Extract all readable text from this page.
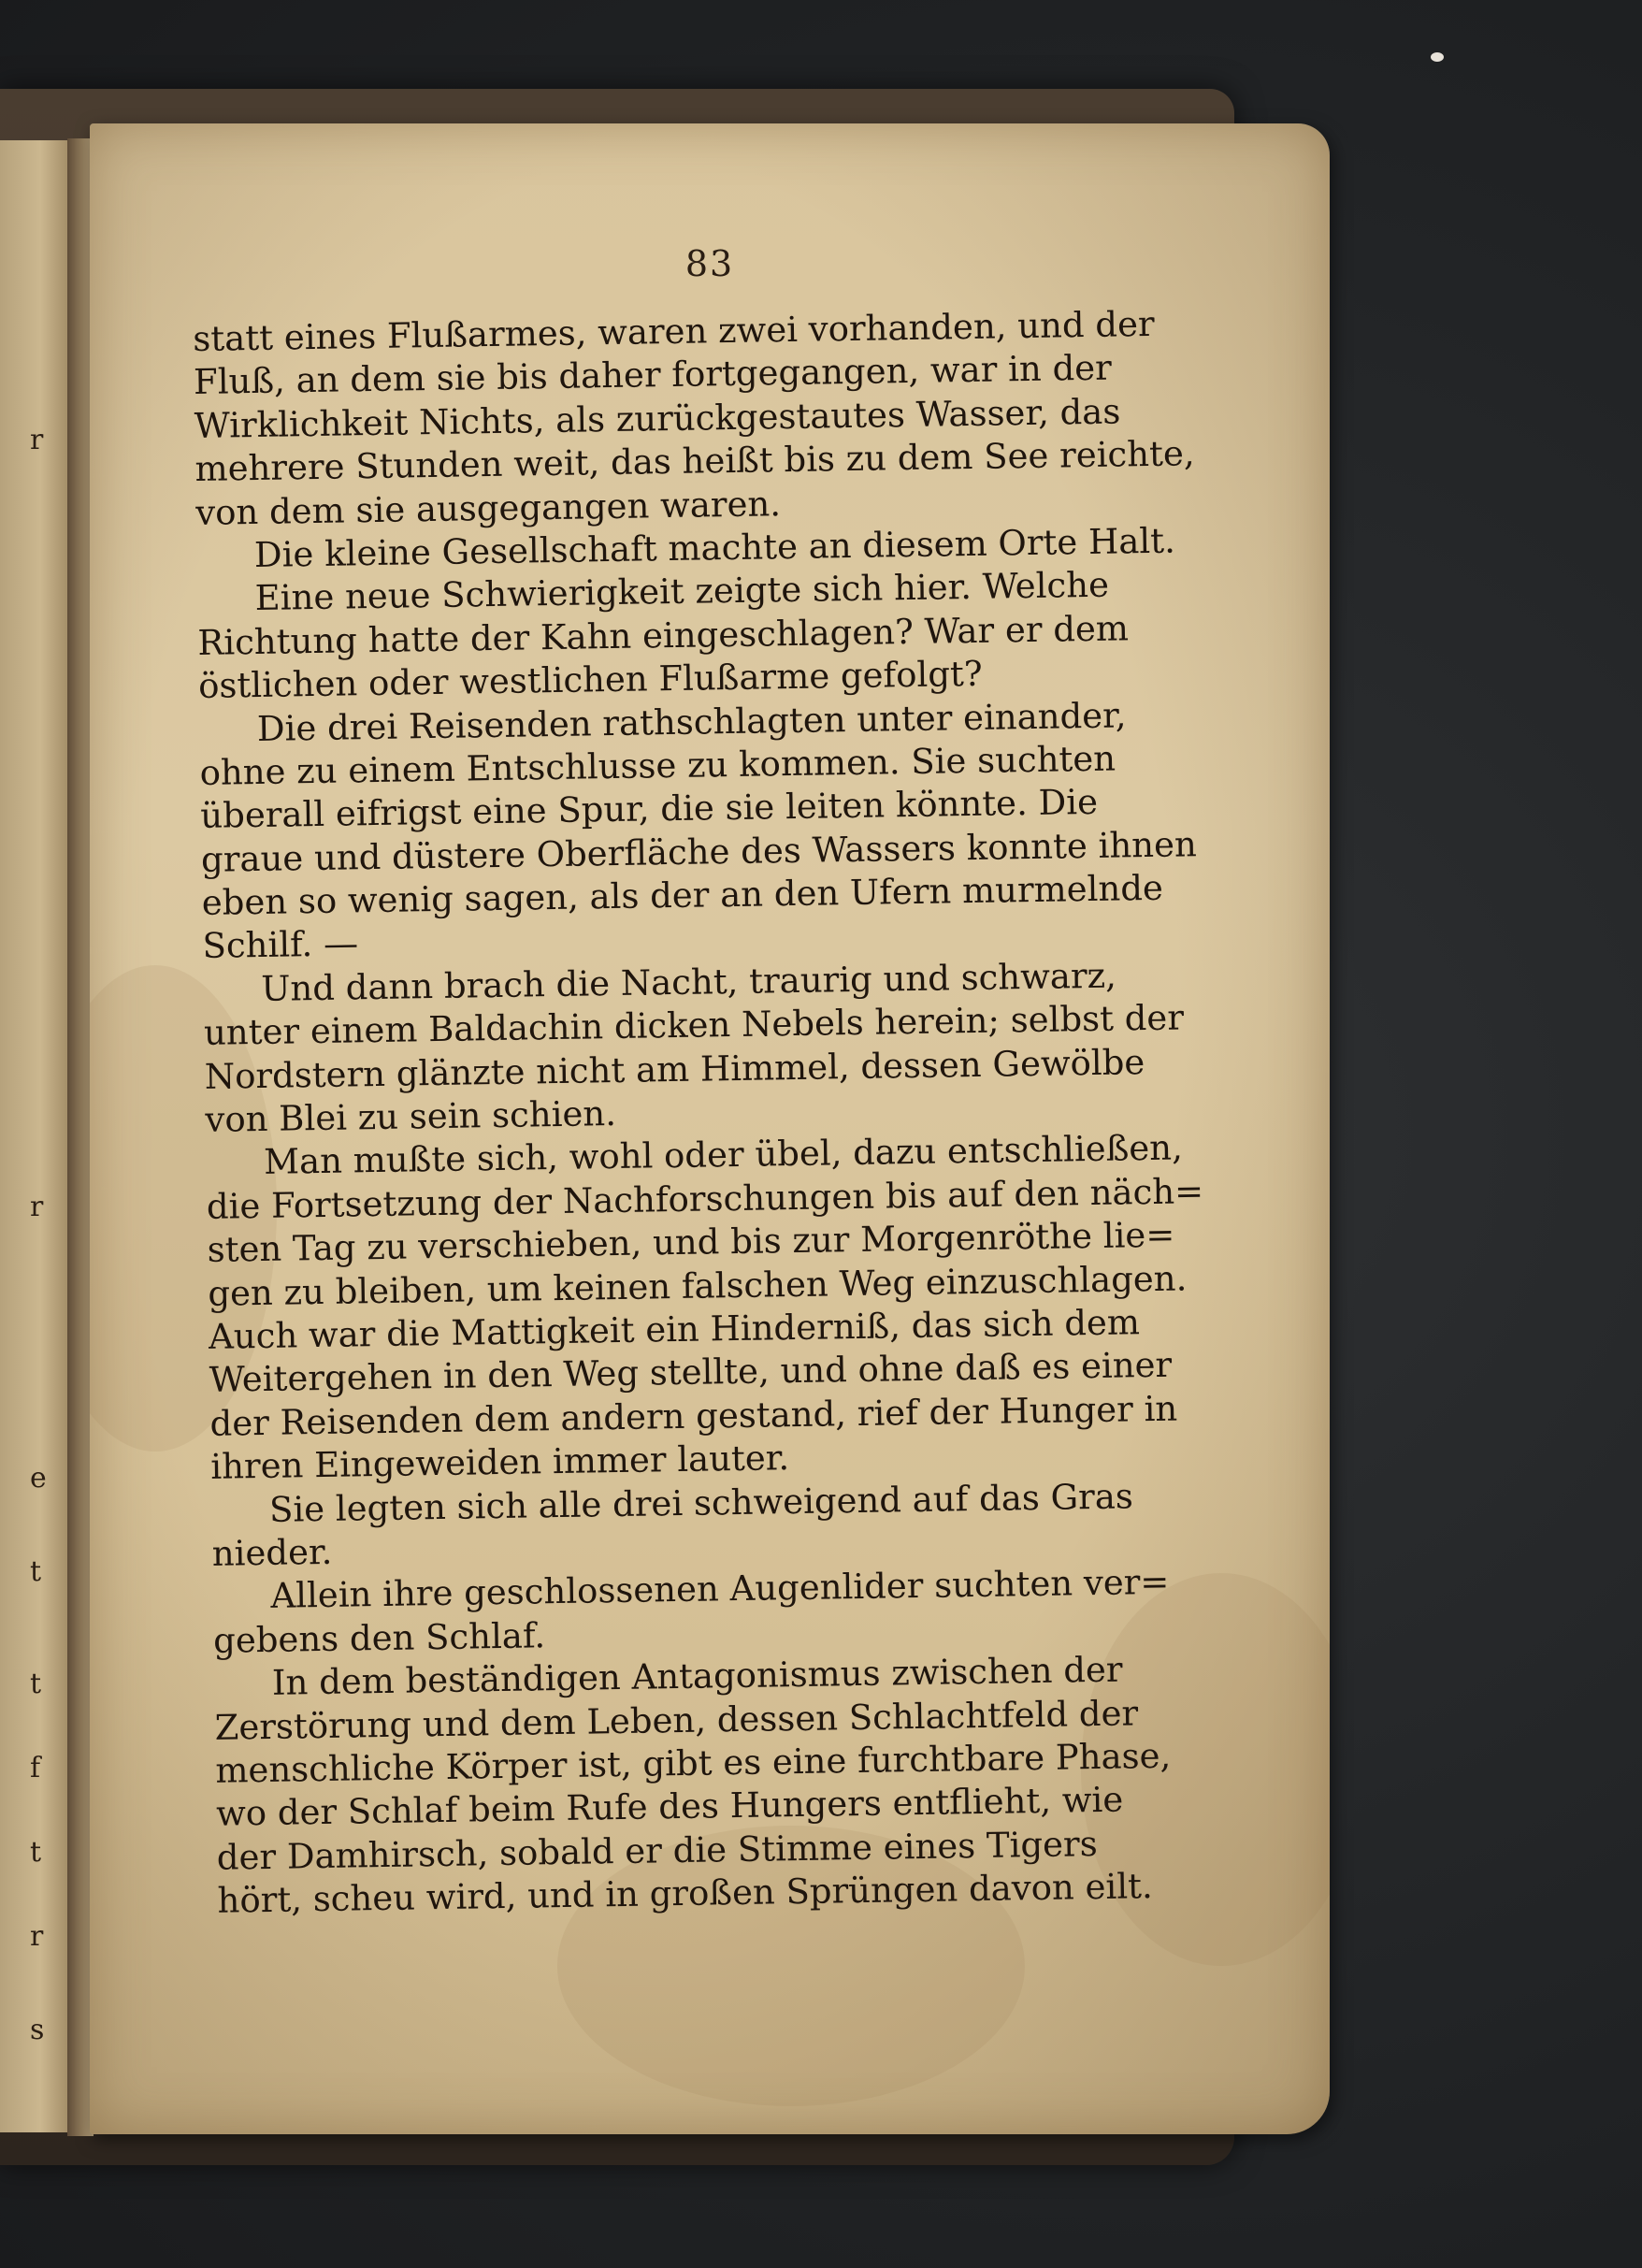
r
r
e
t
t
f
t
r
s
83
statt eines Flußarmes, waren zwei vorhanden, und der
Fluß, an dem sie bis daher fortgegangen, war in der
Wirklichkeit Nichts, als zurückgestautes Wasser, das
mehrere Stunden weit, das heißt bis zu dem See reichte,
von dem sie ausgegangen waren.
Die kleine Gesellschaft machte an diesem Orte Halt.
Eine neue Schwierigkeit zeigte sich hier. Welche
Richtung hatte der Kahn eingeschlagen? War er dem
östlichen oder westlichen Flußarme gefolgt?
Die drei Reisenden rathschlagten unter einander,
ohne zu einem Entschlusse zu kommen. Sie suchten
überall eifrigst eine Spur, die sie leiten könnte. Die
graue und düstere Oberfläche des Wassers konnte ihnen
eben so wenig sagen, als der an den Ufern murmelnde
Schilf. —
Und dann brach die Nacht, traurig und schwarz,
unter einem Baldachin dicken Nebels herein; selbst der
Nordstern glänzte nicht am Himmel, dessen Gewölbe
von Blei zu sein schien.
Man mußte sich, wohl oder übel, dazu entschließen,
die Fortsetzung der Nachforschungen bis auf den näch=
sten Tag zu verschieben, und bis zur Morgenröthe lie=
gen zu bleiben, um keinen falschen Weg einzuschlagen.
Auch war die Mattigkeit ein Hinderniß, das sich dem
Weitergehen in den Weg stellte, und ohne daß es einer
der Reisenden dem andern gestand, rief der Hunger in
ihren Eingeweiden immer lauter.
Sie legten sich alle drei schweigend auf das Gras
nieder.
Allein ihre geschlossenen Augenlider suchten ver=
gebens den Schlaf.
In dem beständigen Antagonismus zwischen der
Zerstörung und dem Leben, dessen Schlachtfeld der
menschliche Körper ist, gibt es eine furchtbare Phase,
wo der Schlaf beim Rufe des Hungers entflieht, wie
der Damhirsch, sobald er die Stimme eines Tigers
hört, scheu wird, und in großen Sprüngen davon eilt.
